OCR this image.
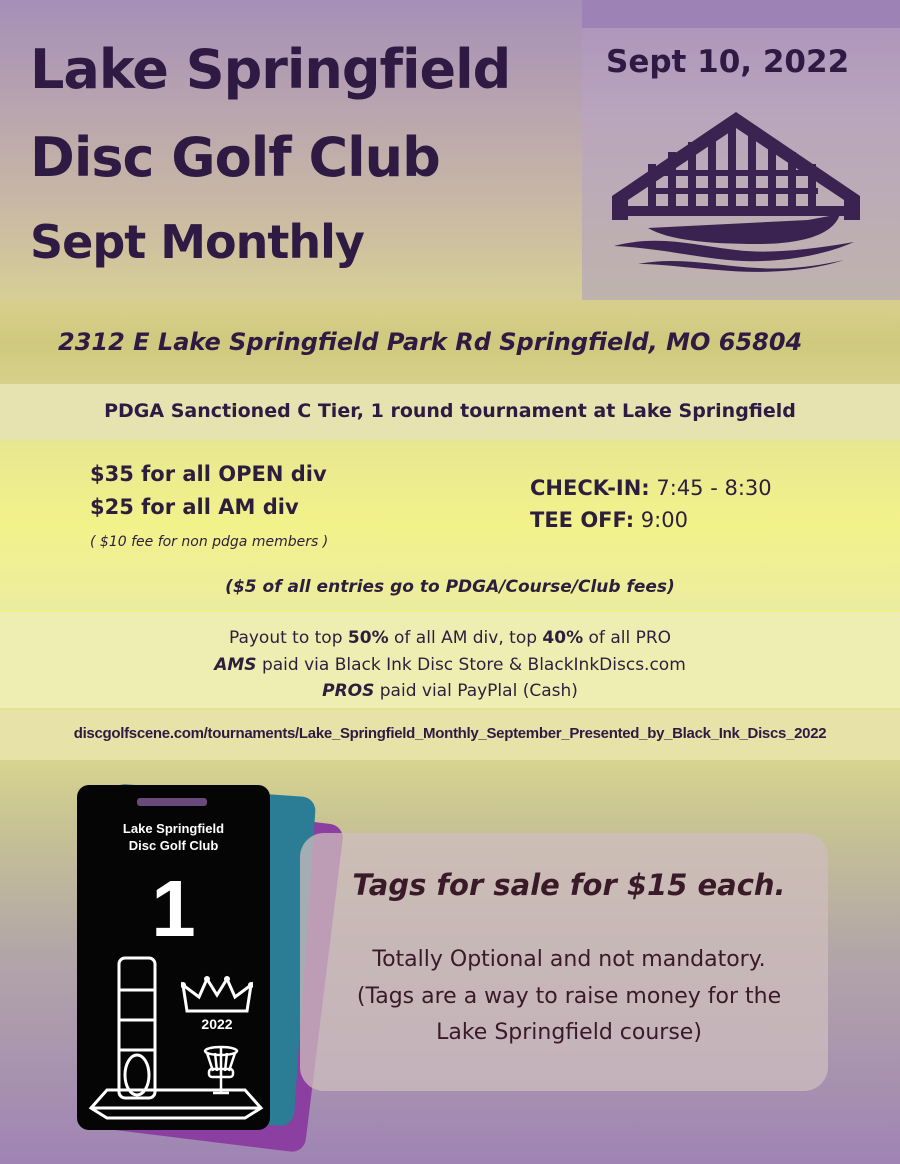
Lake Springfield
Disc Golf Club
Sept Monthly
Sept 10, 2022
2312 E Lake Springfield Park Rd Springfield, MO 65804
PDGA Sanctioned C Tier, 1 round tournament at Lake Springfield
$35 for all OPEN div
$25 for all AM div
( $10 fee for non pdga members )
CHECK-IN: 7:45 - 8:30
TEE OFF: 9:00
($5 of all entries go to PDGA/Course/Club fees)
Payout to top 50% of all AM div, top 40% of all PRO
AMS paid via Black Ink Disc Store & BlackInkDiscs.com
PROS paid vial PayPlal (Cash)
discgolfscene.com/tournaments/Lake_Springfield_Monthly_September_Presented_by_Black_Ink_Discs_2022
Lake Springfield
Disc Golf Club
1
2022
Tags for sale for $15 each.
Totally Optional and not mandatory.
(Tags are a way to raise money for the
Lake Springfield course)
